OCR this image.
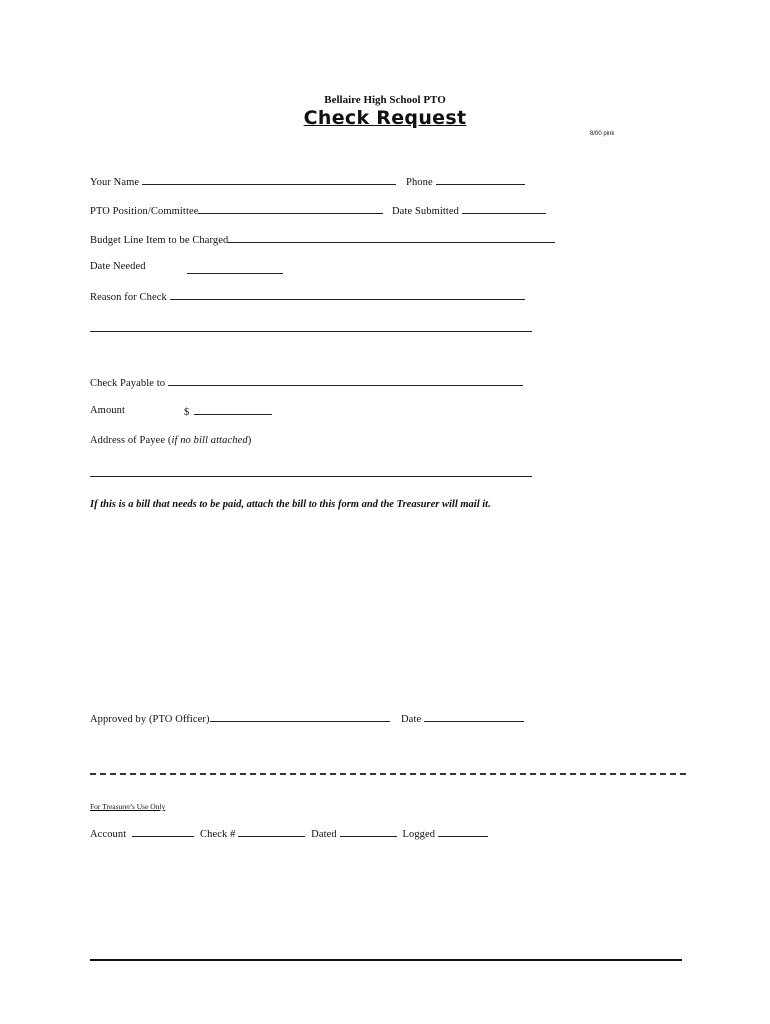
Bellaire High School PTO
Check Request
8/00 pink
Your Name	Phone
PTO Position/Committee	Date Submitted
Budget Line Item to be Charged
Date Needed
Reason for Check
Check Payable to
Amount	$
Address of Payee (if no bill attached)
If this is a bill that needs to be paid, attach the bill to this form and the Treasurer will mail it.
Approved by (PTO Officer)	Date
For Treasurer's Use Only
Account	Check #	Dated	Logged
